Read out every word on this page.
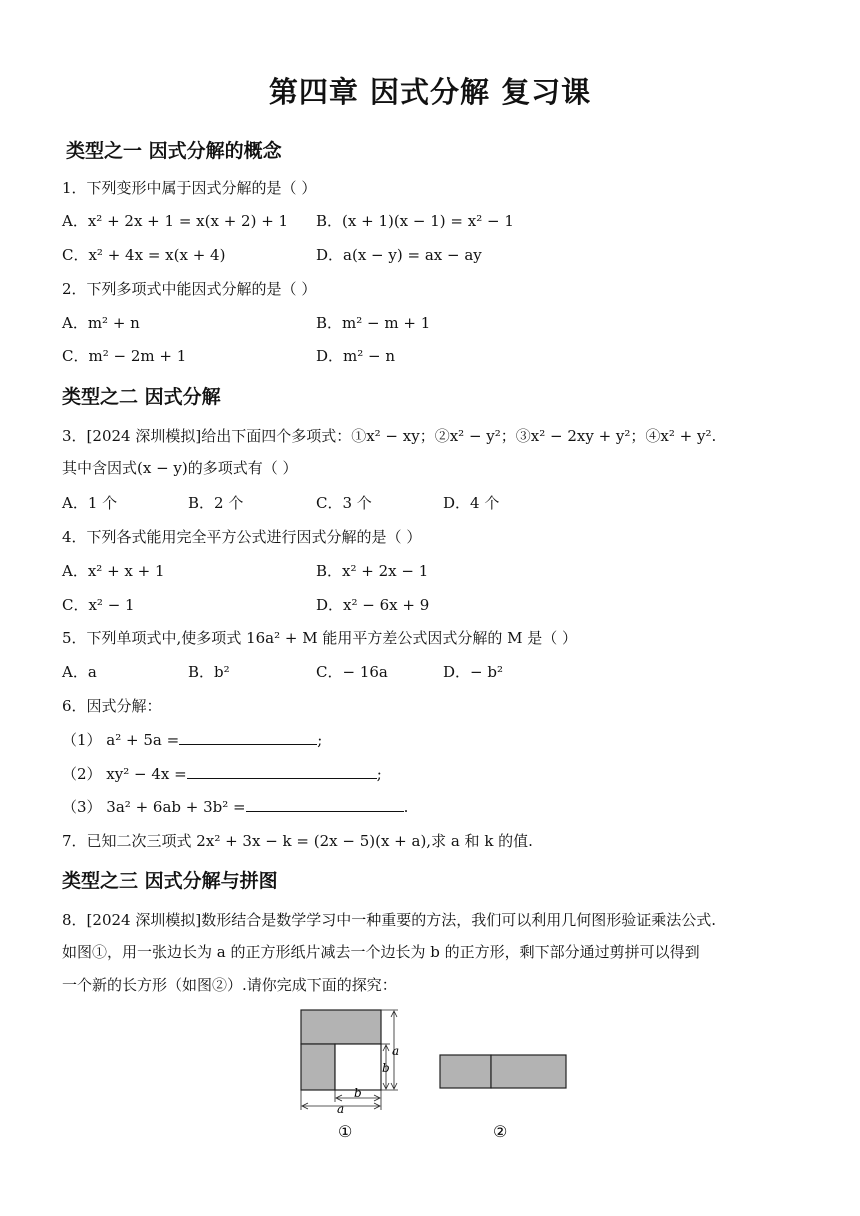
第四章 因式分解 复习课
类型之一 因式分解的概念
1．下列变形中属于因式分解的是（ ）
A．x² + 2x + 1 = x(x + 2) + 1 B．(x + 1)(x − 1) = x² − 1
C．x² + 4x = x(x + 4)	D．a(x − y) = ax − ay
2．下列多项式中能因式分解的是（ ）
A．m² + n	B．m² − m + 1
C．m² − 2m + 1	D．m² − n
类型之二 因式分解
3．[2024 深圳模拟]给出下面四个多项式：①x² − xy；②x² − y²；③x² − 2xy + y²；④x² + y².
其中含因式(x − y)的多项式有（ ）
A．1 个	B．2 个	C．3 个	D．4 个
4．下列各式能用完全平方公式进行因式分解的是（ ）
A．x² + x + 1	B．x² + 2x − 1
C．x² − 1	D．x² − 6x + 9
5．下列单项式中,使多项式 16a² + M 能用平方差公式因式分解的 M 是（ ）
A．a	B．b²	C．− 16a	D．− b²
6．因式分解：
（1） a² + 5a =	;
（2） xy² − 4x =	;
（3） 3a² + 6ab + 3b² =	.
7．已知二次三项式 2x² + 3x − k = (2x − 5)(x + a),求 a 和 k 的值.
类型之三 因式分解与拼图
8．[2024 深圳模拟]数形结合是数学学习中一种重要的方法，我们可以利用几何图形验证乘法公式.
如图①，用一张边长为 a 的正方形纸片减去一个边长为 b 的正方形，剩下部分通过剪拼可以得到
一个新的长方形（如图②）.请你完成下面的探究：
a
b
b
a
①	②
